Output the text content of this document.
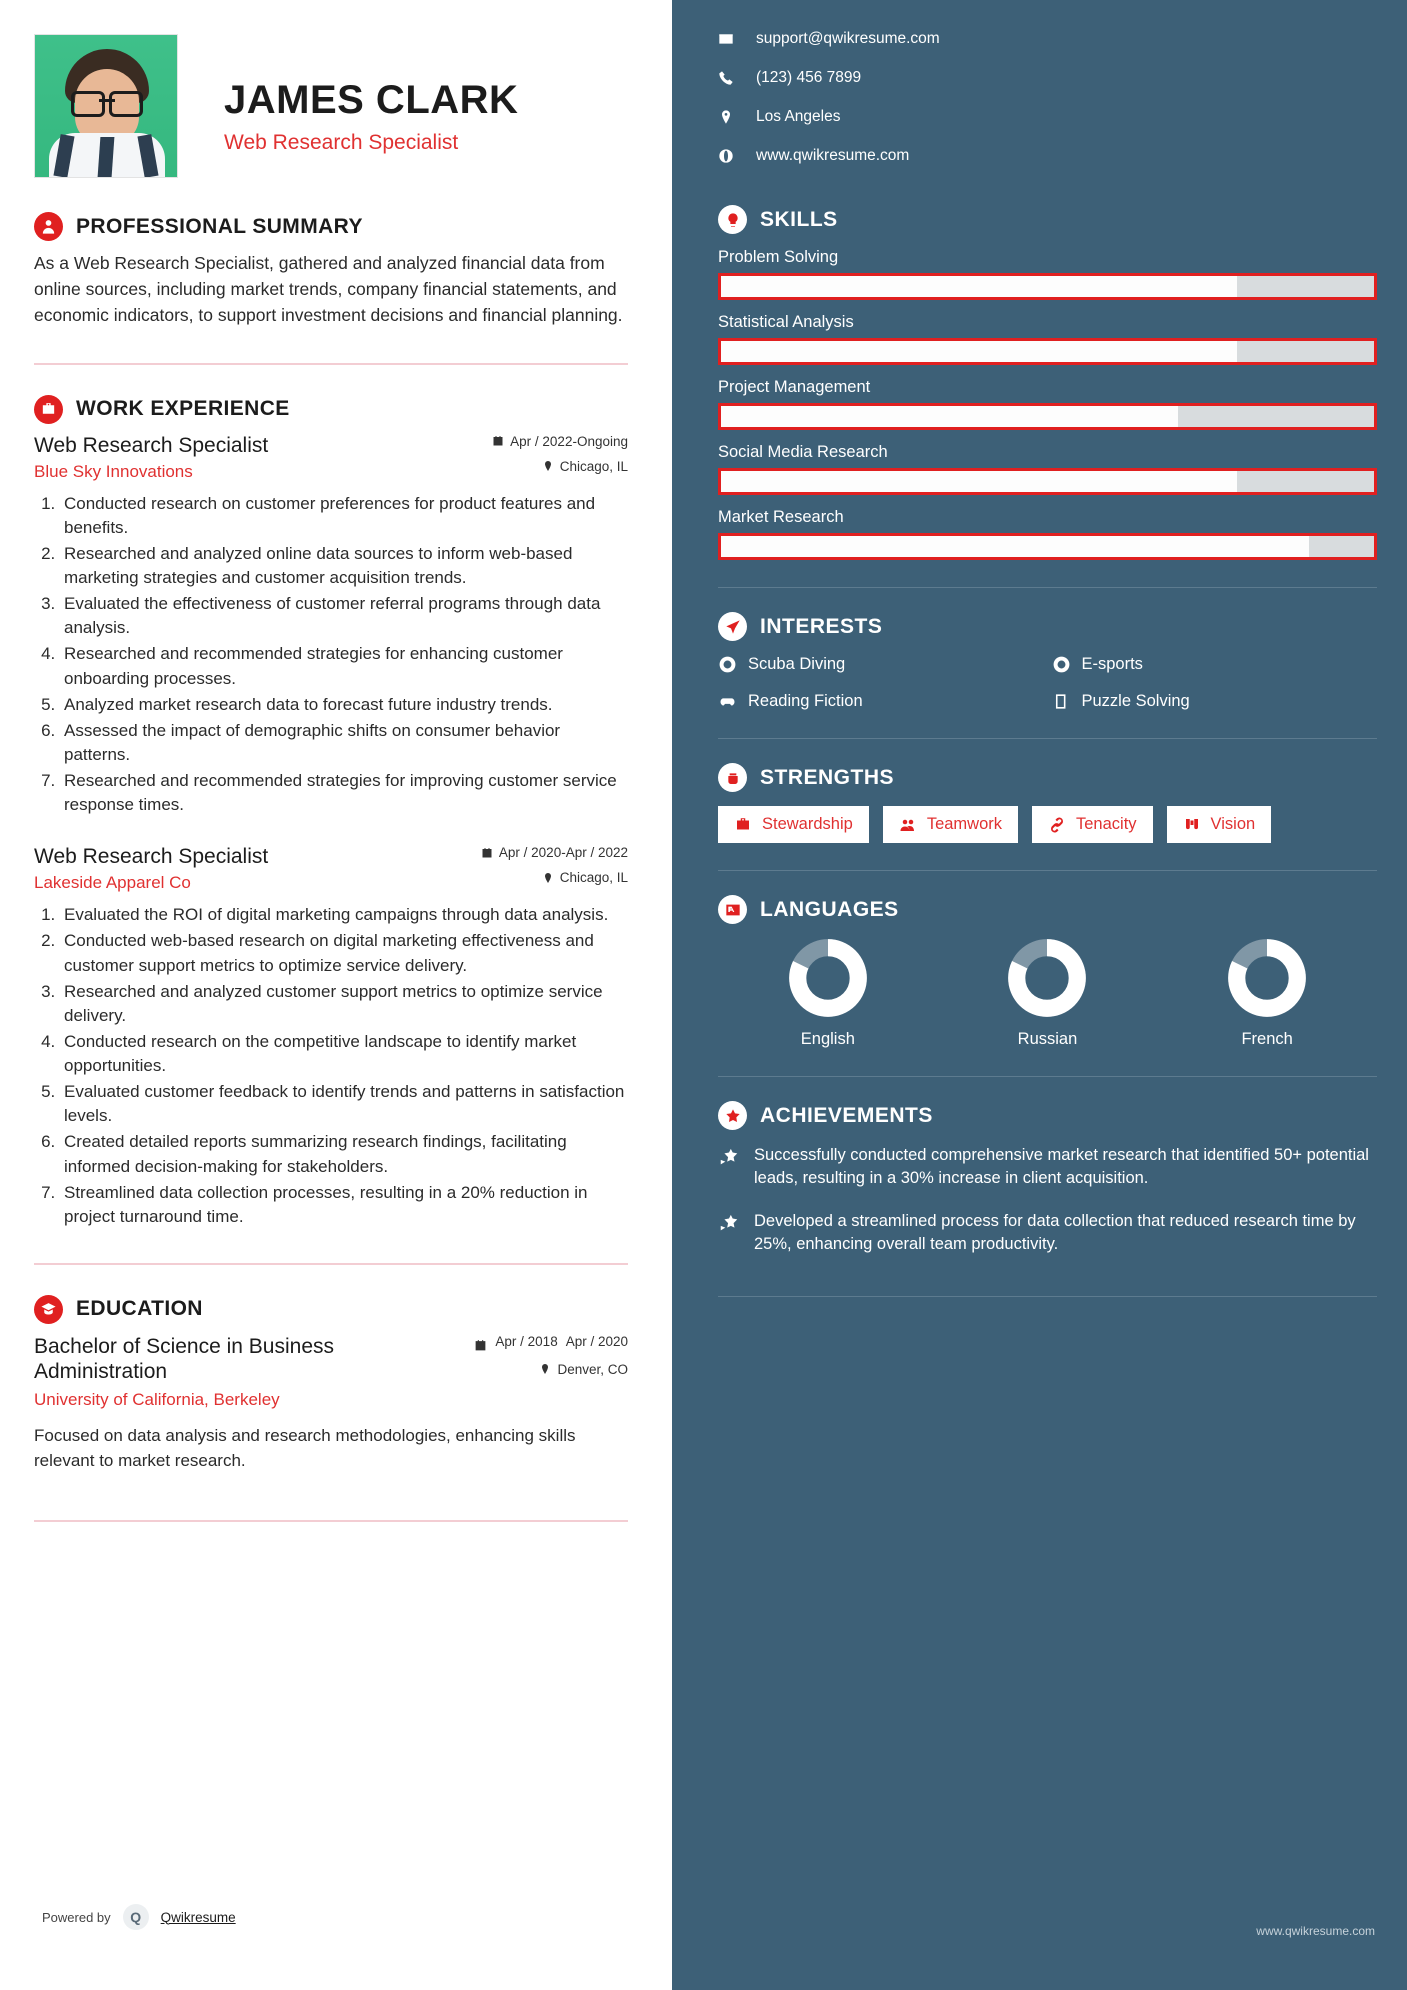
JAMES CLARK
Web Research Specialist
PROFESSIONAL SUMMARY
As a Web Research Specialist, gathered and analyzed financial data from online sources, including market trends, company financial statements, and economic indicators, to support investment decisions and financial planning.
WORK EXPERIENCE
Web Research Specialist
Blue Sky Innovations
Apr / 2022-Ongoing
Chicago, IL
1. Conducted research on customer preferences for product features and benefits.
2. Researched and analyzed online data sources to inform web-based marketing strategies and customer acquisition trends.
3. Evaluated the effectiveness of customer referral programs through data analysis.
4. Researched and recommended strategies for enhancing customer onboarding processes.
5. Analyzed market research data to forecast future industry trends.
6. Assessed the impact of demographic shifts on consumer behavior patterns.
7. Researched and recommended strategies for improving customer service response times.
Web Research Specialist
Lakeside Apparel Co
Apr / 2020-Apr / 2022
Chicago, IL
1. Evaluated the ROI of digital marketing campaigns through data analysis.
2. Conducted web-based research on digital marketing effectiveness and customer support metrics to optimize service delivery.
3. Researched and analyzed customer support metrics to optimize service delivery.
4. Conducted research on the competitive landscape to identify market opportunities.
5. Evaluated customer feedback to identify trends and patterns in satisfaction levels.
6. Created detailed reports summarizing research findings, facilitating informed decision-making for stakeholders.
7. Streamlined data collection processes, resulting in a 20% reduction in project turnaround time.
EDUCATION
Bachelor of Science in Business Administration
University of California, Berkeley
Apr / 2018 Apr / 2020
Denver, CO
Focused on data analysis and research methodologies, enhancing skills relevant to market research.
Powered by	Q	Qwikresume
support@qwikresume.com
(123) 456 7899
Los Angeles
www.qwikresume.com
SKILLS
Problem Solving
Statistical Analysis
Project Management
Social Media Research
Market Research
INTERESTS
Scuba Diving	E-sports
Reading Fiction	Puzzle Solving
STRENGTHS
Stewardship	Teamwork	Tenacity	Vision
LANGUAGES
English	Russian	French
ACHIEVEMENTS
Successfully conducted comprehensive market research that identified 50+ potential leads, resulting in a 30% increase in client acquisition.
Developed a streamlined process for data collection that reduced research time by 25%, enhancing overall team productivity.
www.qwikresume.com
